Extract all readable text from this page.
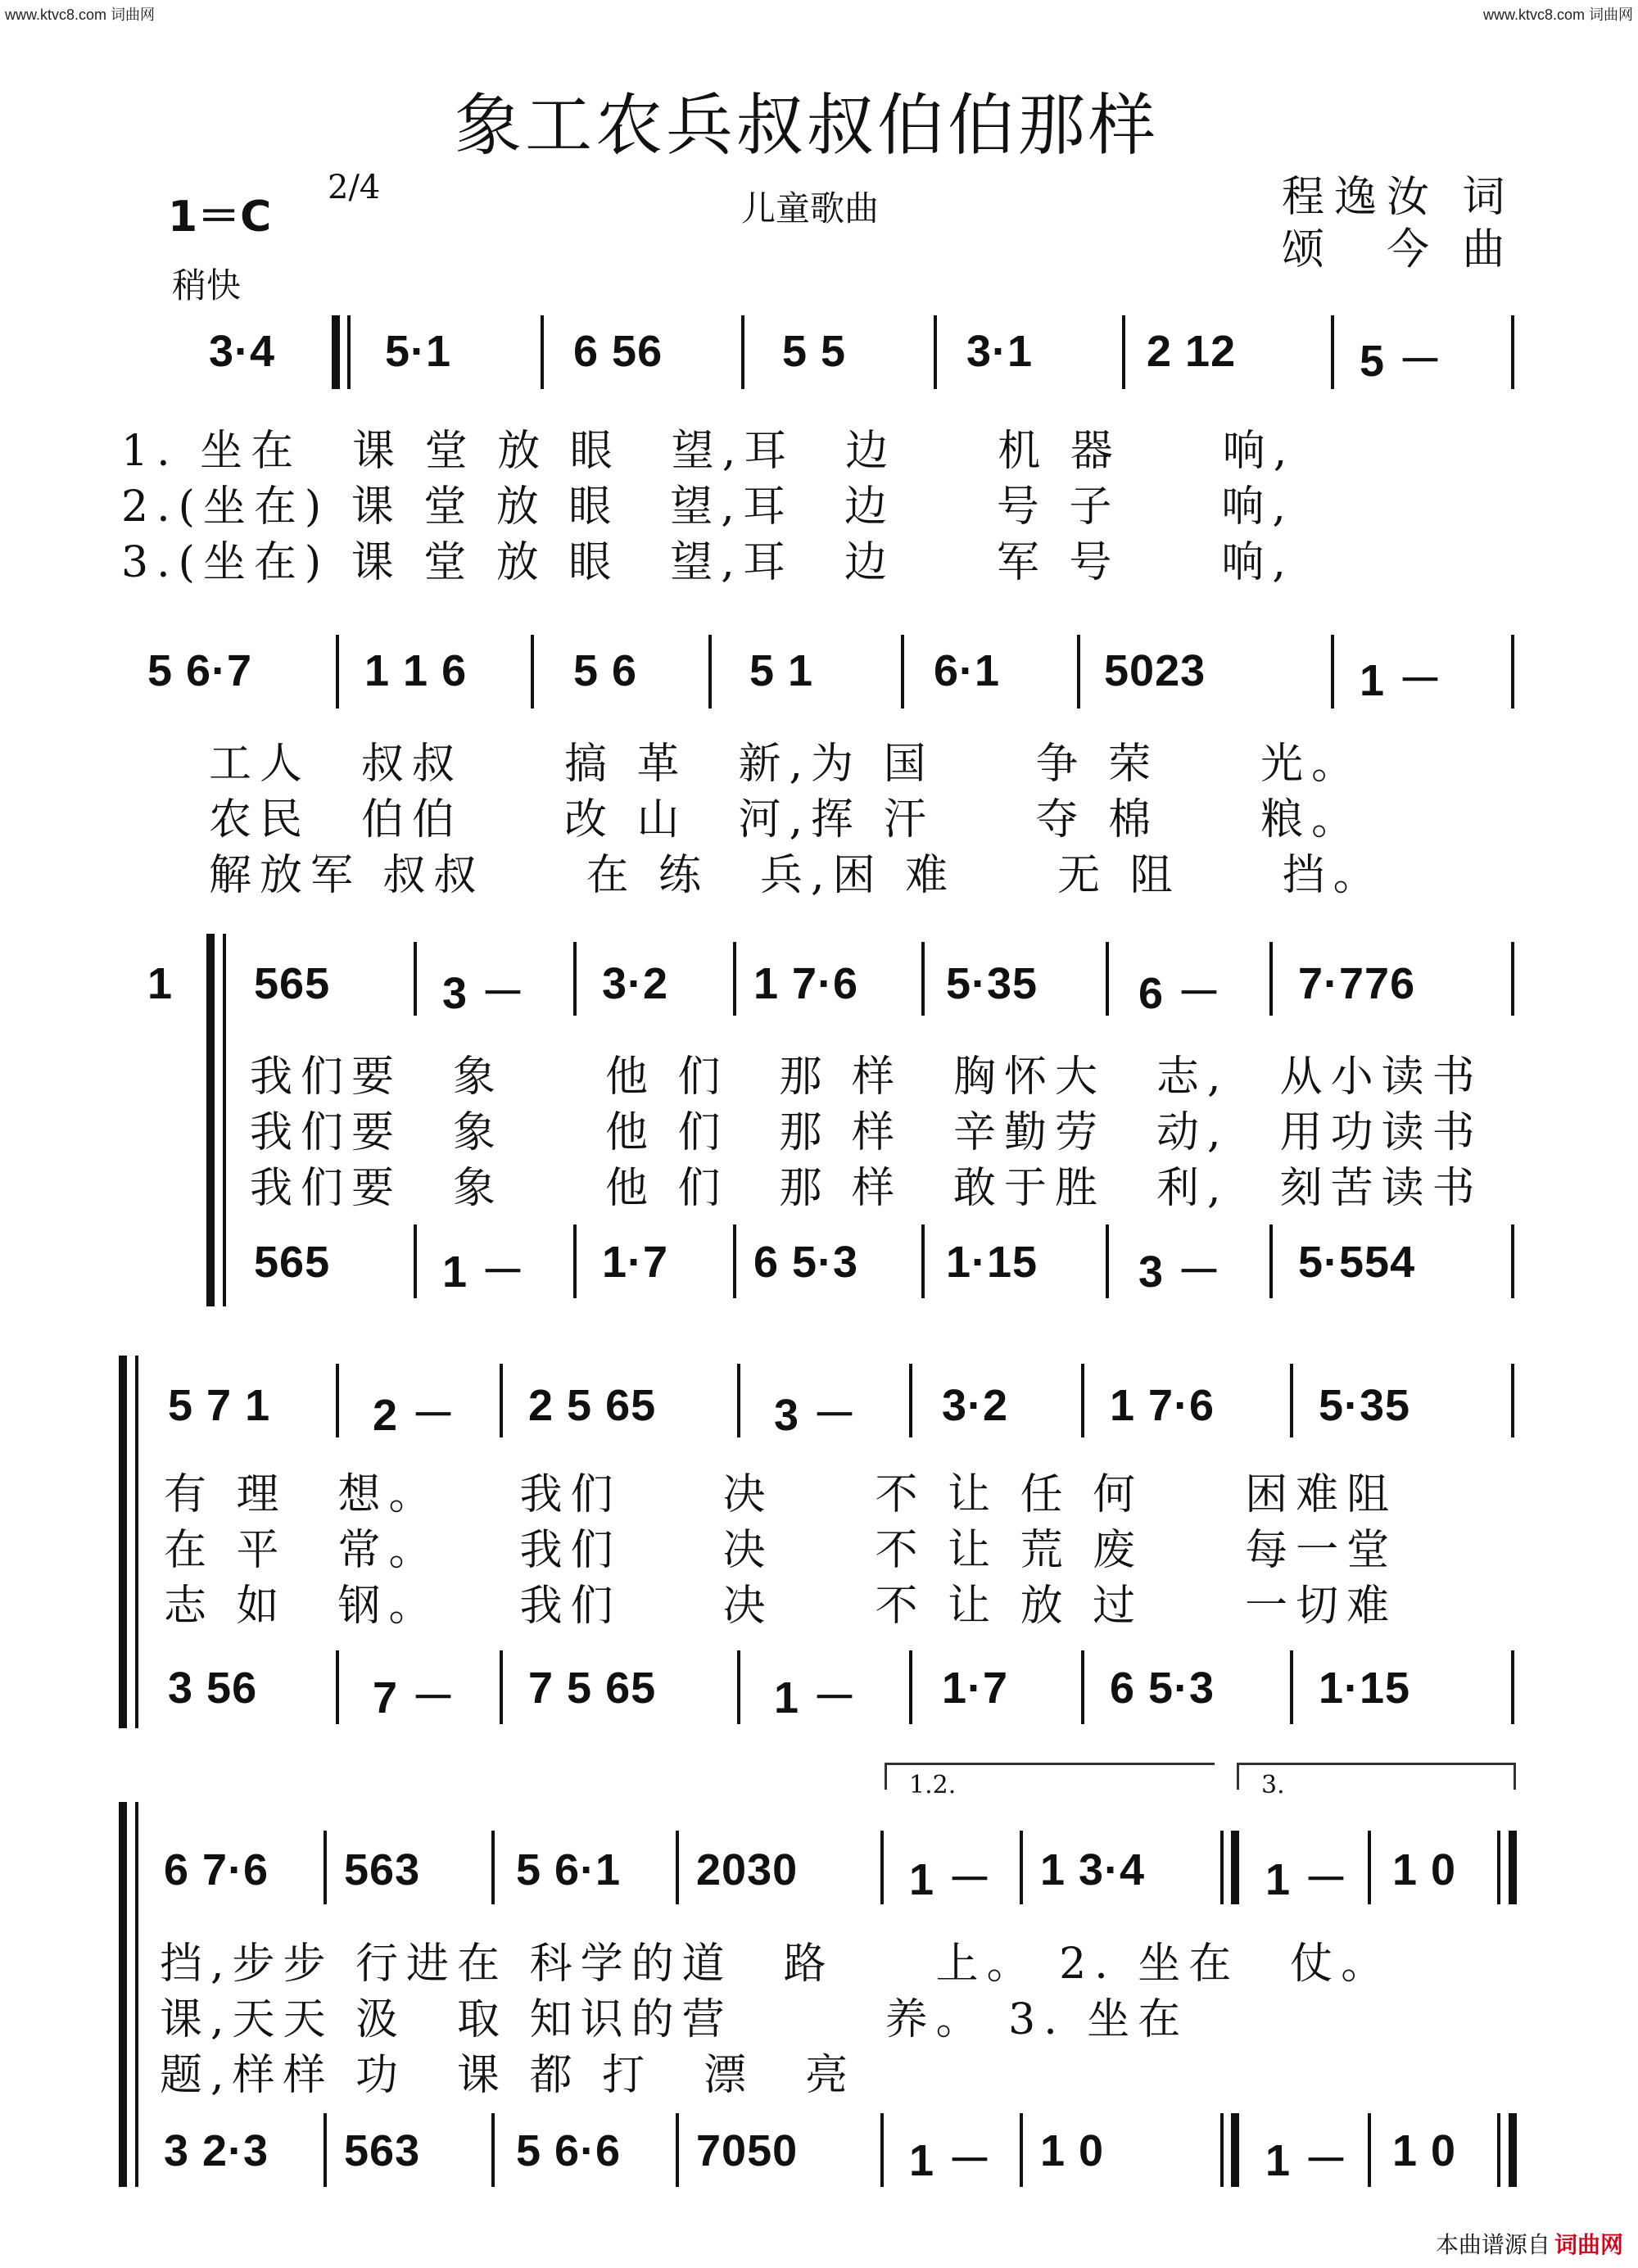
www.ktvc8.com 词曲网	www.ktvc8.com 词曲网
象工农兵叔叔伯伯那样
1＝C
2/4
儿童歌曲
稍快
程逸汝 词
颂　今 曲
3·4 5·1	6 56	5 5	3·1	2 12	5 －
1. 坐在　课 堂 放 眼　望,耳　边　　机 器　　响,
2.(坐在) 课 堂 放 眼　望,耳　边　　号 子　　响,
3.(坐在) 课 堂 放 眼　望,耳　边　　军 号　　响,
5 6·7	1 1 6 5 6	5 1	6·1 5023	1 －
工人　叔叔　　搞 革　新,为 国　　争 荣　　光。
农民　伯伯　　改 山　河,挥 汗　　夺 棉　　粮。
解放军 叔叔　　在 练　兵,困 难　　无 阻　　挡。
1 565	3 － 3·2 1 7·6 5·35 6 － 7·776
我们要　象　　他 们　那 样　胸怀大　志,　从小读书
我们要　象　　他 们　那 样　辛勤劳　动,　用功读书
我们要　象　　他 们　那 样　敢于胜　利,　刻苦读书
565	1 － 1·7 6 5·3 1·15 3 － 5·554
5 7 1 2 － 2 5 65	3 － 3·2 1 7·6 5·35
有 理　想。　　我们　　决　　不 让 任 何　　困难阻
在 平　常。　　我们　　决　　不 让 荒 废　　每一堂
志 如　钢。　　我们　　决　　不 让 放 过　　一切难
3 56	7 － 7 5 65	1 － 1·7 6 5·3 1·15
1.2.	3.
6 7·6 563 5 6·1 2030	1 － 1 3·4	1 － 1 0
挡,步步 行进在 科学的道　路　　上。 2. 坐在　仗。
课,天天 汲　取 知识的营　　　养。 3. 坐在
题,样样 功　课 都 打　漂　亮
3 2·3 563 5 6·6 7050	1 － 1 0	1 － 1 0
本曲谱源自 词曲网
